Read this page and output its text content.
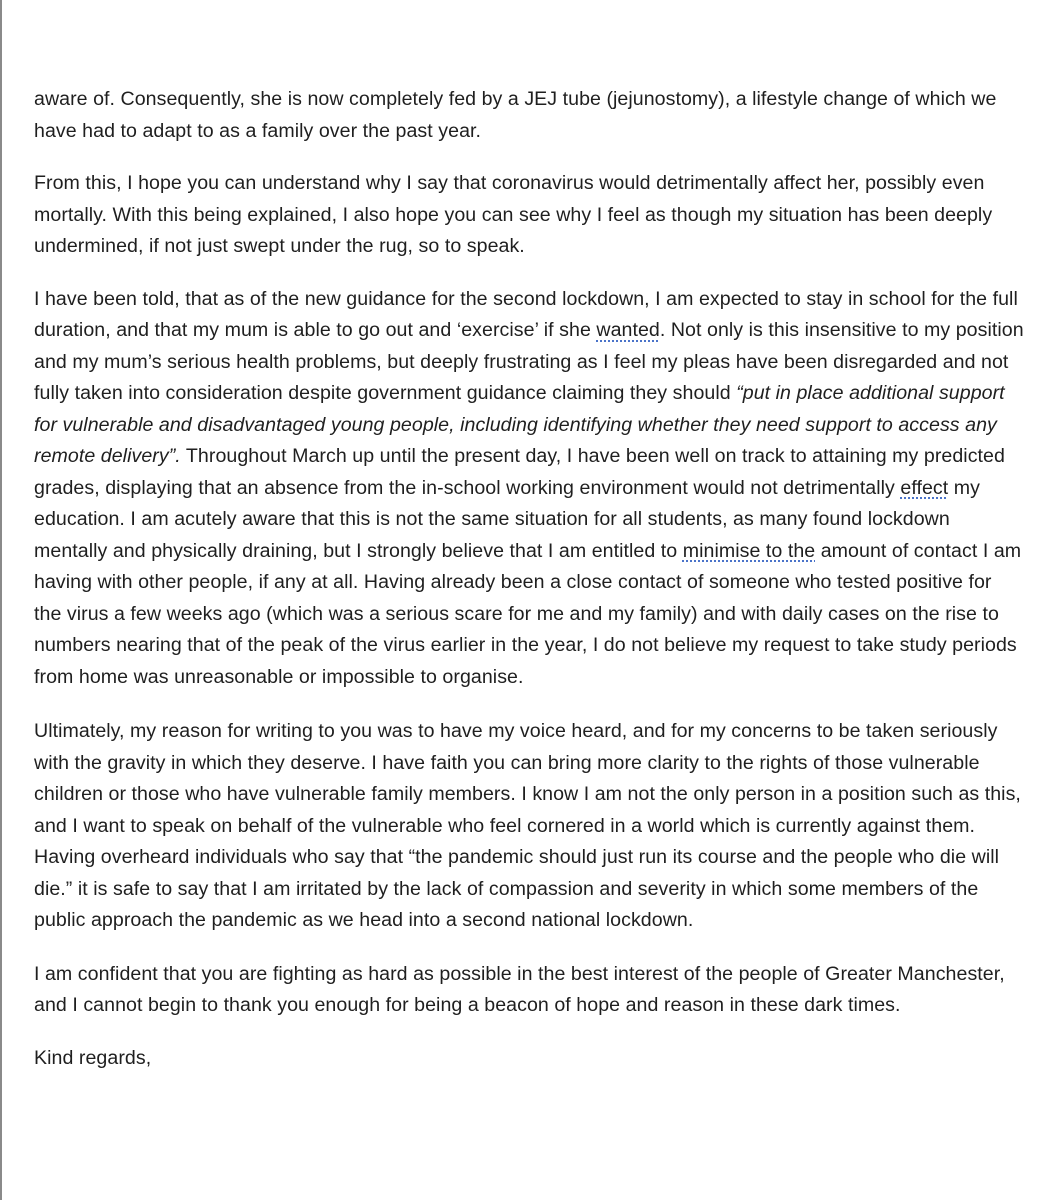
aware of. Consequently, she is now completely fed by a JEJ tube (jejunostomy), a lifestyle change of which we have had to adapt to as a family over the past year.

From this, I hope you can understand why I say that coronavirus would detrimentally affect her, possibly even mortally. With this being explained, I also hope you can see why I feel as though my situation has been deeply undermined, if not just swept under the rug, so to speak.

I have been told, that as of the new guidance for the second lockdown, I am expected to stay in school for the full duration, and that my mum is able to go out and ‘exercise’ if she wanted. Not only is this insensitive to my position and my mum’s serious health problems, but deeply frustrating as I feel my pleas have been disregarded and not fully taken into consideration despite government guidance claiming they should “put in place additional support for vulnerable and disadvantaged young people, including identifying whether they need support to access any remote delivery”. Throughout March up until the present day, I have been well on track to attaining my predicted grades, displaying that an absence from the in-school working environment would not detrimentally effect my education. I am acutely aware that this is not the same situation for all students, as many found lockdown mentally and physically draining, but I strongly believe that I am entitled to minimise to the amount of contact I am having with other people, if any at all. Having already been a close contact of someone who tested positive for the virus a few weeks ago (which was a serious scare for me and my family) and with daily cases on the rise to numbers nearing that of the peak of the virus earlier in the year, I do not believe my request to take study periods from home was unreasonable or impossible to organise.

Ultimately, my reason for writing to you was to have my voice heard, and for my concerns to be taken seriously with the gravity in which they deserve. I have faith you can bring more clarity to the rights of those vulnerable children or those who have vulnerable family members. I know I am not the only person in a position such as this, and I want to speak on behalf of the vulnerable who feel cornered in a world which is currently against them. Having overheard individuals who say that “the pandemic should just run its course and the people who die will die.” it is safe to say that I am irritated by the lack of compassion and severity in which some members of the public approach the pandemic as we head into a second national lockdown.

I am confident that you are fighting as hard as possible in the best interest of the people of Greater Manchester, and I cannot begin to thank you enough for being a beacon of hope and reason in these dark times.

Kind regards,
